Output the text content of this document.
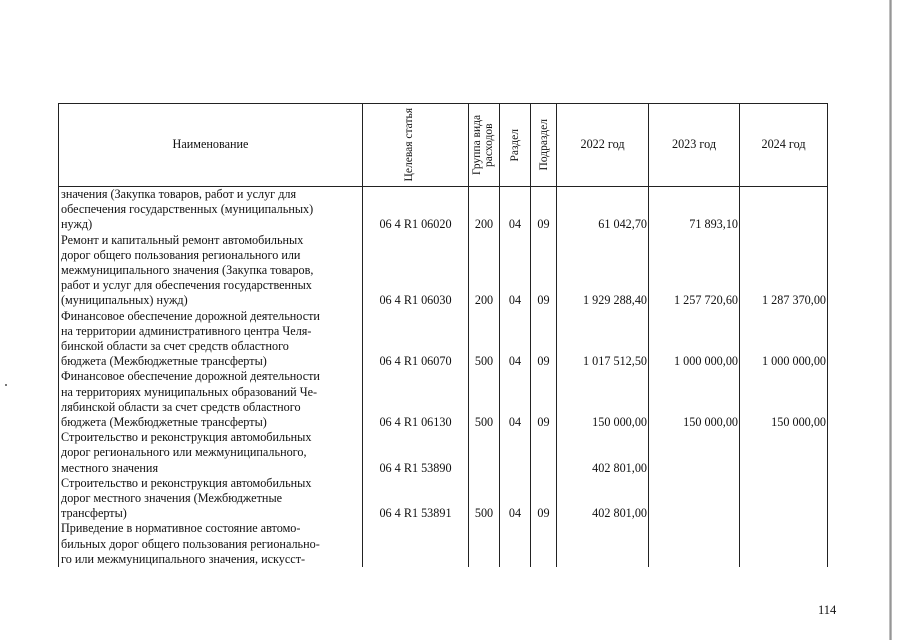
Наименование	Целевая статья	Группа вида расходов	Раздел	Подраздел	2022 год	2023 год	2024 год

значения (Закупка товаров, работ и услуг для
обеспечения государственных (муниципальных)
нужд)	06 4 R1 06020	200	04	09	61 042,70	71 893,10	

Ремонт и капитальный ремонт автомобильных
дорог общего пользования регионального или
межмуниципального значения (Закупка товаров,
работ и услуг для обеспечения государственных
(муниципальных) нужд)	06 4 R1 06030	200	04	09	1 929 288,40	1 257 720,60	1 287 370,00

Финансовое обеспечение дорожной деятельности
на территории административного центра Челя-
бинской области за счет средств областного
бюджета (Межбюджетные трансферты)	06 4 R1 06070	500	04	09	1 017 512,50	1 000 000,00	1 000 000,00

Финансовое обеспечение дорожной деятельности
на территориях муниципальных образований Че-
лябинской области за счет средств областного
бюджета (Межбюджетные трансферты)	06 4 R1 06130	500	04	09	150 000,00	150 000,00	150 000,00

Строительство и реконструкция автомобильных
дорог регионального или межмуниципального,
местного значения	06 4 R1 53890				402 801,00		

Строительство и реконструкция автомобильных
дорог местного значения (Межбюджетные
трансферты)	06 4 R1 53891	500	04	09	402 801,00		

Приведение в нормативное состояние автомо-
бильных дорог общего пользования регионально-
го или межмуниципального значения, искусст-							

114
